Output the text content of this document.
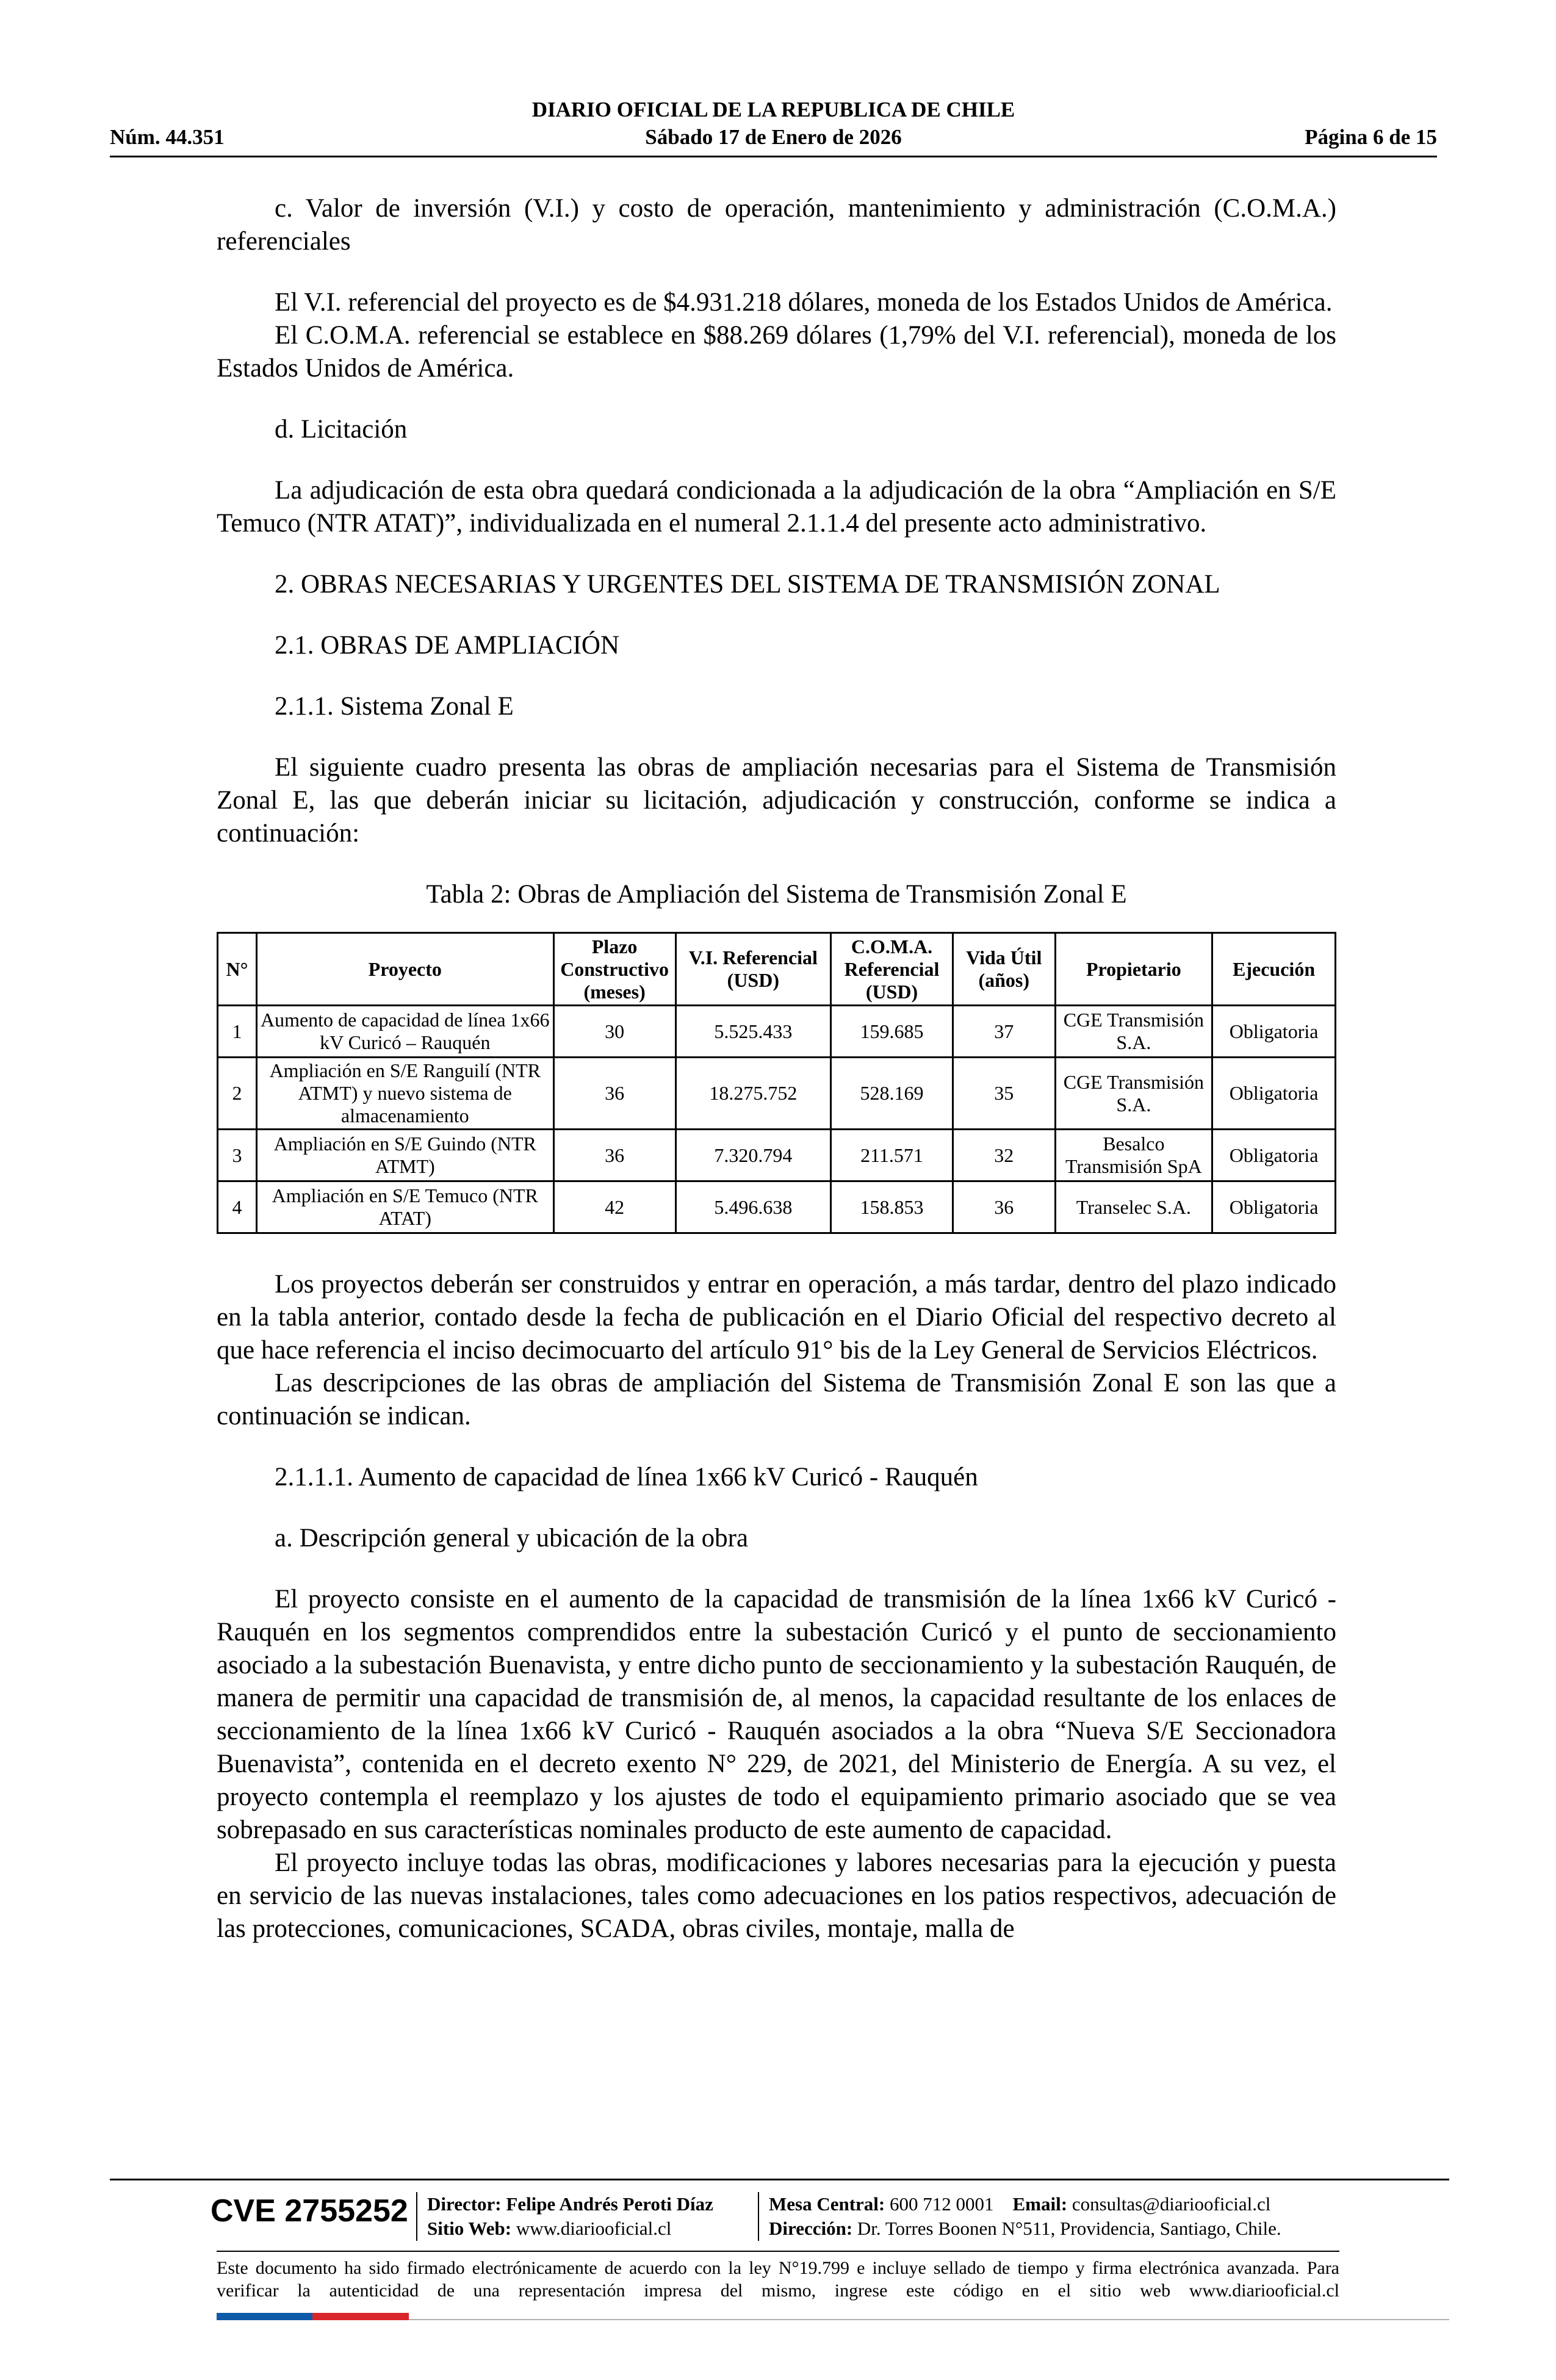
DIARIO OFICIAL DE LA REPUBLICA DE CHILE
Núm. 44.351	Sábado 17 de Enero de 2026	Página 6 de 15

c. Valor de inversión (V.I.) y costo de operación, mantenimiento y administración (C.O.M.A.) referenciales

El V.I. referencial del proyecto es de $4.931.218 dólares, moneda de los Estados Unidos de América.

El C.O.M.A. referencial se establece en $88.269 dólares (1,79% del V.I. referencial), moneda de los Estados Unidos de América.

d. Licitación

La adjudicación de esta obra quedará condicionada a la adjudicación de la obra “Ampliación en S/E Temuco (NTR ATAT)”, individualizada en el numeral 2.1.1.4 del presente acto administrativo.

2. OBRAS NECESARIAS Y URGENTES DEL SISTEMA DE TRANSMISIÓN ZONAL

2.1. OBRAS DE AMPLIACIÓN

2.1.1. Sistema Zonal E

El siguiente cuadro presenta las obras de ampliación necesarias para el Sistema de Transmisión Zonal E, las que deberán iniciar su licitación, adjudicación y construcción, conforme se indica a continuación:

Tabla 2: Obras de Ampliación del Sistema de Transmisión Zonal E

N°	Proyecto	Plazo Constructivo (meses)	V.I. Referencial (USD)	C.O.M.A. Referencial (USD)	Vida Útil (años)	Propietario	Ejecución
1	Aumento de capacidad de línea 1x66 kV Curicó – Rauquén	30	5.525.433	159.685	37	CGE Transmisión S.A.	Obligatoria
2	Ampliación en S/E Ranguilí (NTR ATMT) y nuevo sistema de almacenamiento	36	18.275.752	528.169	35	CGE Transmisión S.A.	Obligatoria
3	Ampliación en S/E Guindo (NTR ATMT)	36	7.320.794	211.571	32	Besalco Transmisión SpA	Obligatoria
4	Ampliación en S/E Temuco (NTR ATAT)	42	5.496.638	158.853	36	Transelec S.A.	Obligatoria

Los proyectos deberán ser construidos y entrar en operación, a más tardar, dentro del plazo indicado en la tabla anterior, contado desde la fecha de publicación en el Diario Oficial del respectivo decreto al que hace referencia el inciso decimocuarto del artículo 91° bis de la Ley General de Servicios Eléctricos.

Las descripciones de las obras de ampliación del Sistema de Transmisión Zonal E son las que a continuación se indican.

2.1.1.1. Aumento de capacidad de línea 1x66 kV Curicó - Rauquén

a. Descripción general y ubicación de la obra

El proyecto consiste en el aumento de la capacidad de transmisión de la línea 1x66 kV Curicó - Rauquén en los segmentos comprendidos entre la subestación Curicó y el punto de seccionamiento asociado a la subestación Buenavista, y entre dicho punto de seccionamiento y la subestación Rauquén, de manera de permitir una capacidad de transmisión de, al menos, la capacidad resultante de los enlaces de seccionamiento de la línea 1x66 kV Curicó - Rauquén asociados a la obra “Nueva S/E Seccionadora Buenavista”, contenida en el decreto exento N° 229, de 2021, del Ministerio de Energía. A su vez, el proyecto contempla el reemplazo y los ajustes de todo el equipamiento primario asociado que se vea sobrepasado en sus características nominales producto de este aumento de capacidad.

El proyecto incluye todas las obras, modificaciones y labores necesarias para la ejecución y puesta en servicio de las nuevas instalaciones, tales como adecuaciones en los patios respectivos, adecuación de las protecciones, comunicaciones, SCADA, obras civiles, montaje, malla de

CVE 2755252 Director: Felipe Andrés Peroti Díaz
Sitio Web: www.diariooficial.cl
Mesa Central: 600 712 0001 Email: consultas@diariooficial.cl
Dirección: Dr. Torres Boonen N°511, Providencia, Santiago, Chile.
Este documento ha sido firmado electrónicamente de acuerdo con la ley N°19.799 e incluye sellado de tiempo y firma electrónica avanzada. Para verificar la autenticidad de una representación impresa del mismo, ingrese este código en el sitio web www.diariooficial.cl
